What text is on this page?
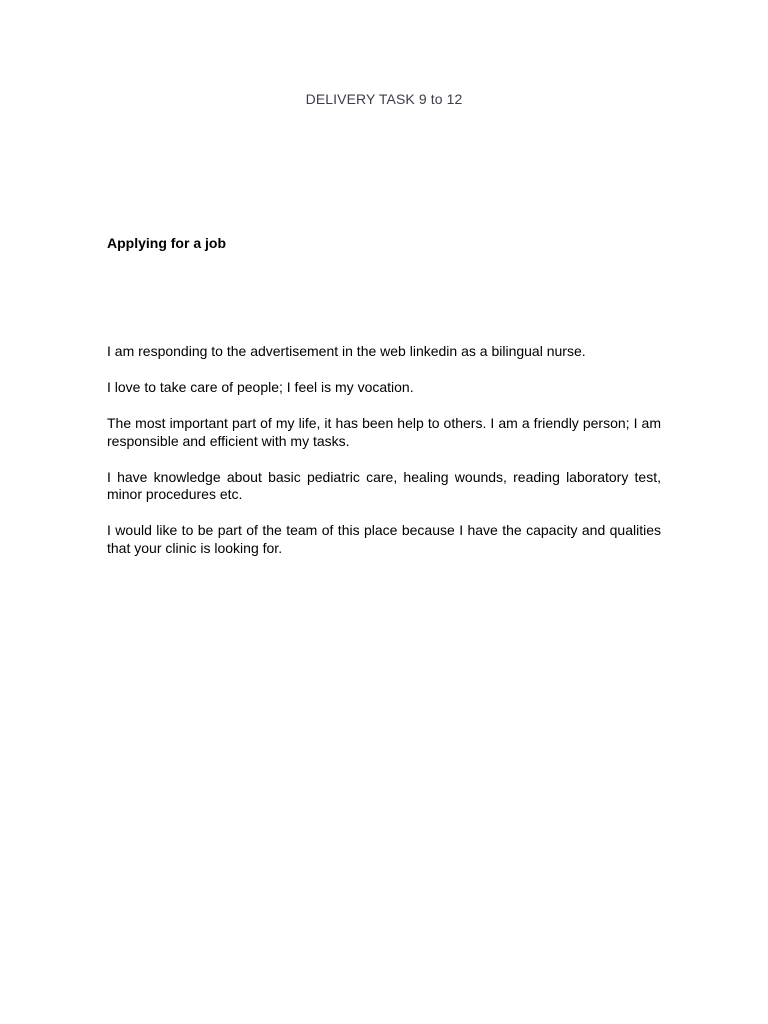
DELIVERY TASK 9 to 12
Applying for a job

I am responding to the advertisement in the web linkedin as a bilingual nurse.

I love to take care of people; I feel is my vocation.

The most important part of my life, it has been help to others. I am a friendly person; I am responsible and efficient with my tasks.

I have knowledge about basic pediatric care, healing wounds, reading laboratory test, minor procedures etc.

I would like to be part of the team of this place because I have the capacity and qualities that your clinic is looking for.
